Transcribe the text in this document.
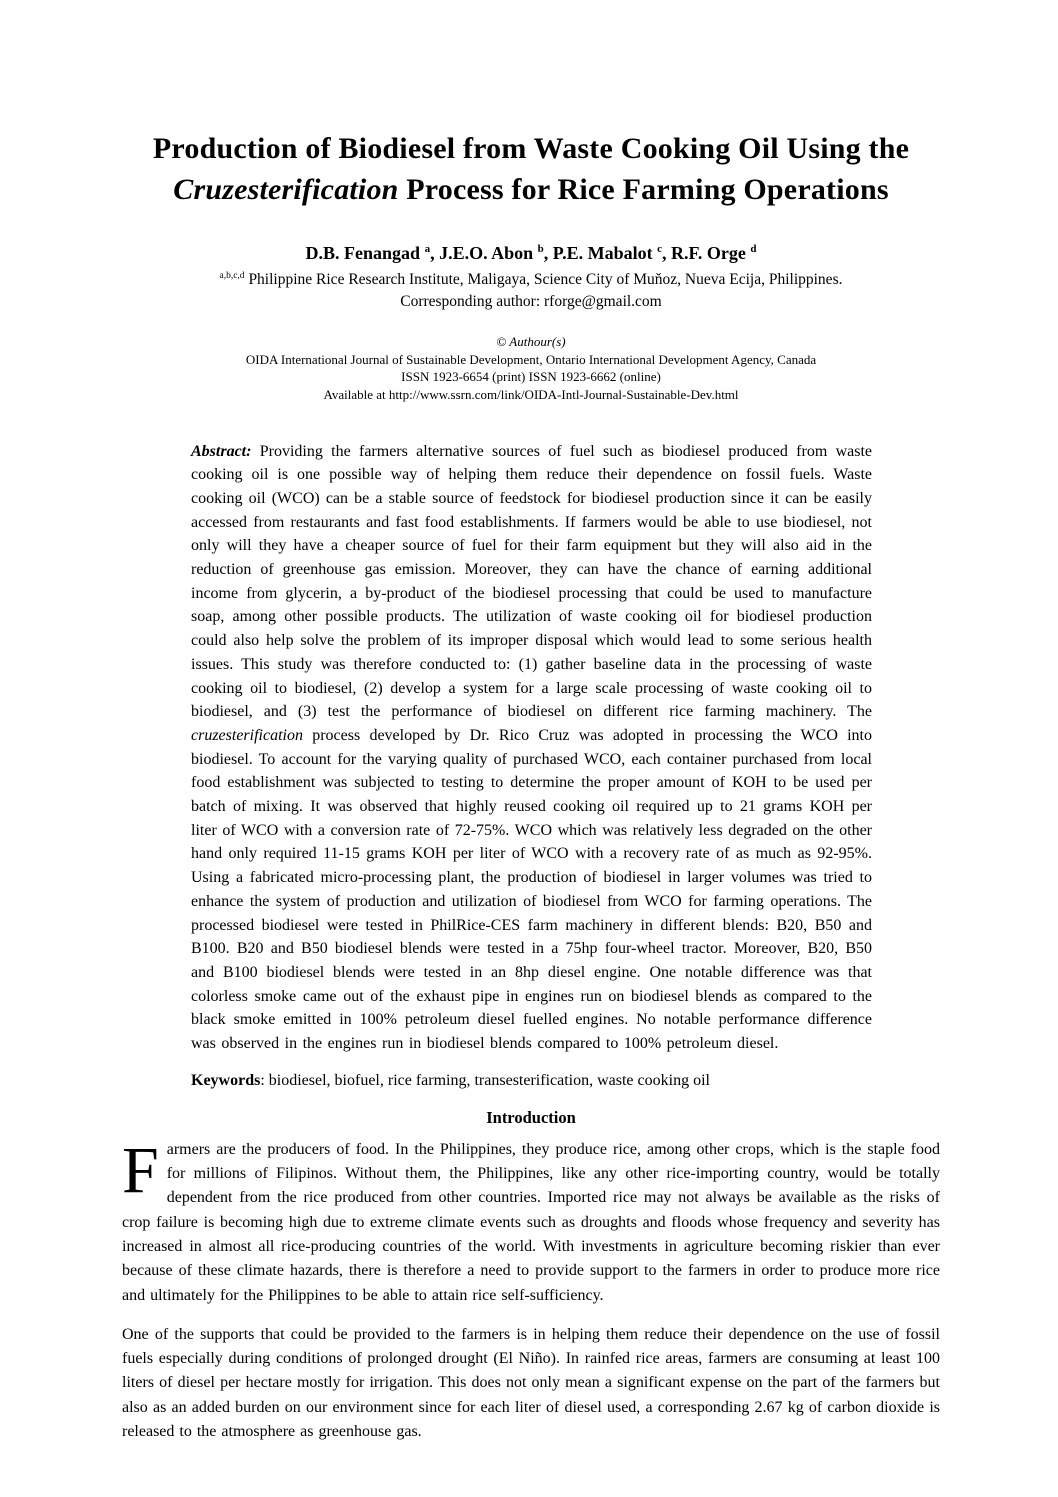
Production of Biodiesel from Waste Cooking Oil Using the
Cruzesterification Process for Rice Farming Operations
D.B. Fenangad $^a$, J.E.O. Abon $^b$, P.E. Mabalot $^c$, R.F. Orge $^d$
$^{a,b,c,d}$ Philippine Rice Research Institute, Maligaya, Science City of Muňoz, Nueva Ecija, Philippines.
Corresponding author: rforge@gmail.com
© Authour(s)
OIDA International Journal of Sustainable Development, Ontario International Development Agency, Canada
ISSN 1923-6654 (print) ISSN 1923-6662 (online)
Available at http://www.ssrn.com/link/OIDA-Intl-Journal-Sustainable-Dev.html
Abstract: Providing the farmers alternative sources of fuel such as biodiesel produced from waste cooking oil is one possible way of helping them reduce their dependence on fossil fuels. Waste cooking oil (WCO) can be a stable source of feedstock for biodiesel production since it can be easily accessed from restaurants and fast food establishments. If farmers would be able to use biodiesel, not only will they have a cheaper source of fuel for their farm equipment but they will also aid in the reduction of greenhouse gas emission. Moreover, they can have the chance of earning additional income from glycerin, a by-product of the biodiesel processing that could be used to manufacture soap, among other possible products. The utilization of waste cooking oil for biodiesel production could also help solve the problem of its improper disposal which would lead to some serious health issues. This study was therefore conducted to: (1) gather baseline data in the processing of waste cooking oil to biodiesel, (2) develop a system for a large scale processing of waste cooking oil to biodiesel, and (3) test the performance of biodiesel on different rice farming machinery. The cruzesterification process developed by Dr. Rico Cruz was adopted in processing the WCO into biodiesel. To account for the varying quality of purchased WCO, each container purchased from local food establishment was subjected to testing to determine the proper amount of KOH to be used per batch of mixing. It was observed that highly reused cooking oil required up to 21 grams KOH per liter of WCO with a conversion rate of 72-75%. WCO which was relatively less degraded on the other hand only required 11-15 grams KOH per liter of WCO with a recovery rate of as much as 92-95%. Using a fabricated micro-processing plant, the production of biodiesel in larger volumes was tried to enhance the system of production and utilization of biodiesel from WCO for farming operations. The processed biodiesel were tested in PhilRice-CES farm machinery in different blends: B20, B50 and B100. B20 and B50 biodiesel blends were tested in a 75hp four-wheel tractor. Moreover, B20, B50 and B100 biodiesel blends were tested in an 8hp diesel engine. One notable difference was that colorless smoke came out of the exhaust pipe in engines run on biodiesel blends as compared to the black smoke emitted in 100% petroleum diesel fuelled engines. No notable performance difference was observed in the engines run in biodiesel blends compared to 100% petroleum diesel.
Keywords: biodiesel, biofuel, rice farming, transesterification, waste cooking oil
Introduction
Farmers are the producers of food. In the Philippines, they produce rice, among other crops, which is the staple food for millions of Filipinos. Without them, the Philippines, like any other rice-importing country, would be totally dependent from the rice produced from other countries. Imported rice may not always be available as the risks of crop failure is becoming high due to extreme climate events such as droughts and floods whose frequency and severity has increased in almost all rice-producing countries of the world. With investments in agriculture becoming riskier than ever because of these climate hazards, there is therefore a need to provide support to the farmers in order to produce more rice and ultimately for the Philippines to be able to attain rice self-sufficiency.
One of the supports that could be provided to the farmers is in helping them reduce their dependence on the use of fossil fuels especially during conditions of prolonged drought (El Niño). In rainfed rice areas, farmers are consuming at least 100 liters of diesel per hectare mostly for irrigation. This does not only mean a significant expense on the part of the farmers but also as an added burden on our environment since for each liter of diesel used, a corresponding 2.67 kg of carbon dioxide is released to the atmosphere as greenhouse gas.
